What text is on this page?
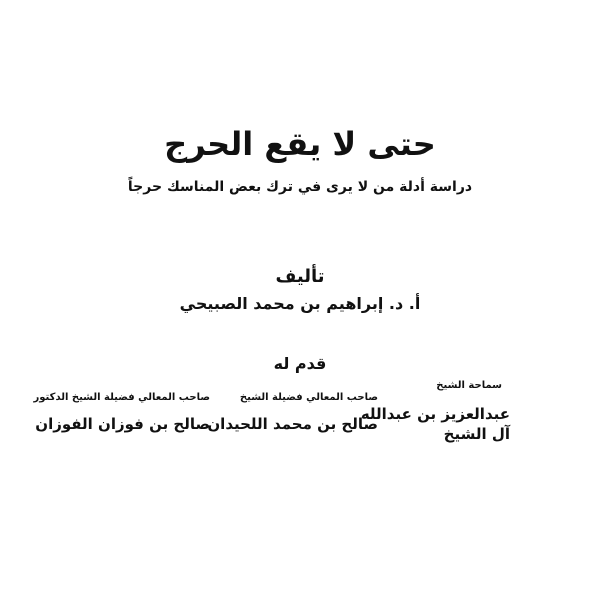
حتى لا يقع الحرج
دراسة أدلة من لا يرى في ترك بعض المناسك حرجاً
تأليف
أ. د. إبراهيم بن محمد الصبيحي
قدم له
سماحة الشيخ
عبدالعزيز بن عبدالله
آل الشيخ
صاحب المعالي فضيلة الشيخ
صالح بن محمد اللحيدان
صاحب المعالي فضيلة الشيخ الدكتور
صالح بن فوزان الفوزان
